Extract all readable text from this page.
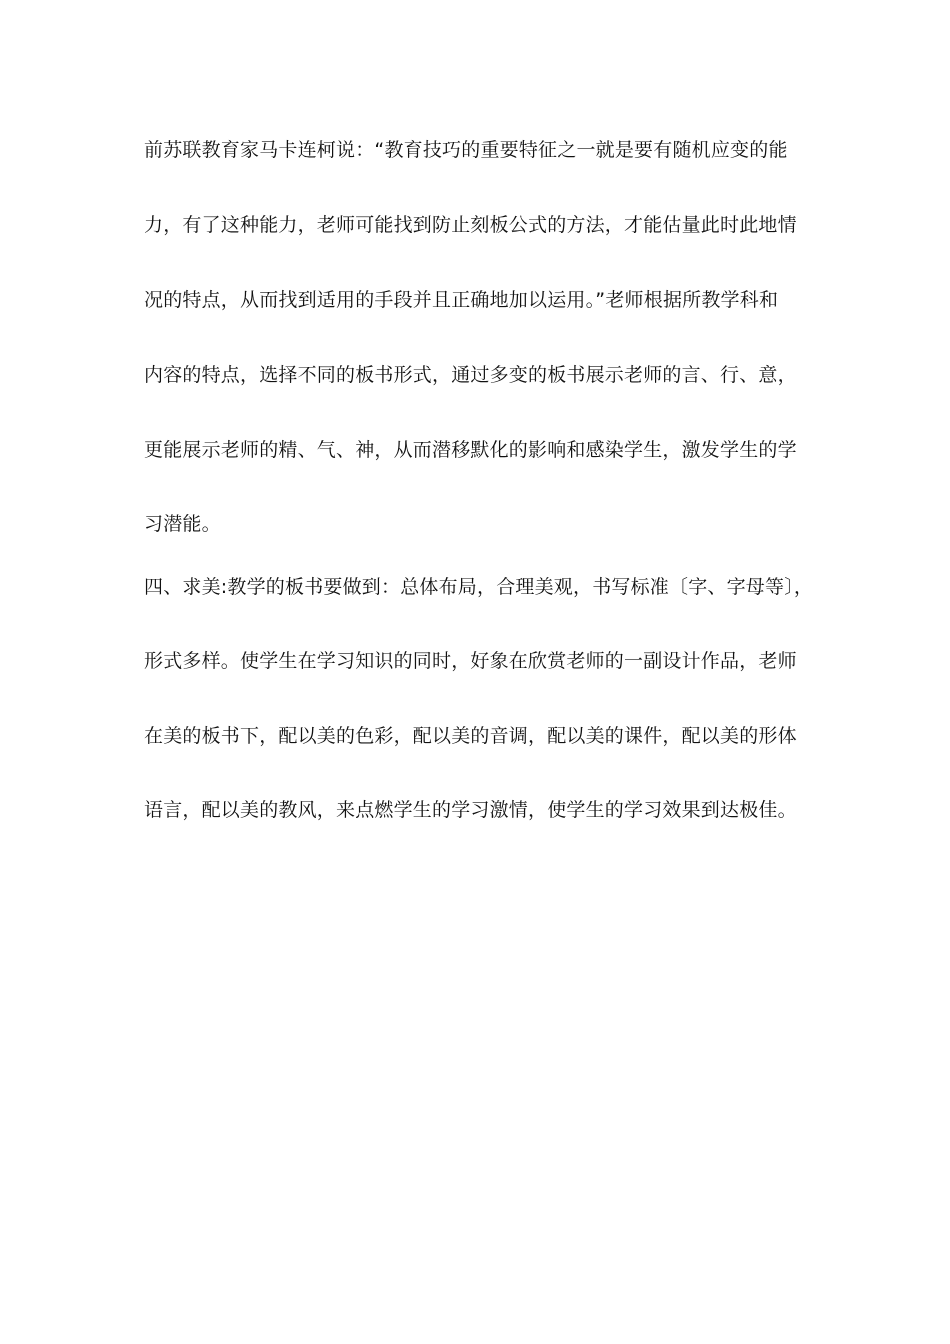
前苏联教育家马卡连柯说：“教育技巧的重要特征之一就是要有随机应变的能
力，有了这种能力，老师可能找到防止刻板公式的方法，才能估量此时此地情
况的特点，从而找到适用的手段并且正确地加以运用。”老师根据所教学科和
内容的特点，选择不同的板书形式，通过多变的板书展示老师的言、行、意，
更能展示老师的精、气、神，从而潜移默化的影响和感染学生，激发学生的学
习潜能。
四、求美:教学的板书要做到：总体布局，合理美观，书写标准〔字、字母等〕，
形式多样。使学生在学习知识的同时，好象在欣赏老师的一副设计作品，老师
在美的板书下，配以美的色彩，配以美的音调，配以美的课件，配以美的形体
语言，配以美的教风，来点燃学生的学习激情，使学生的学习效果到达极佳。
